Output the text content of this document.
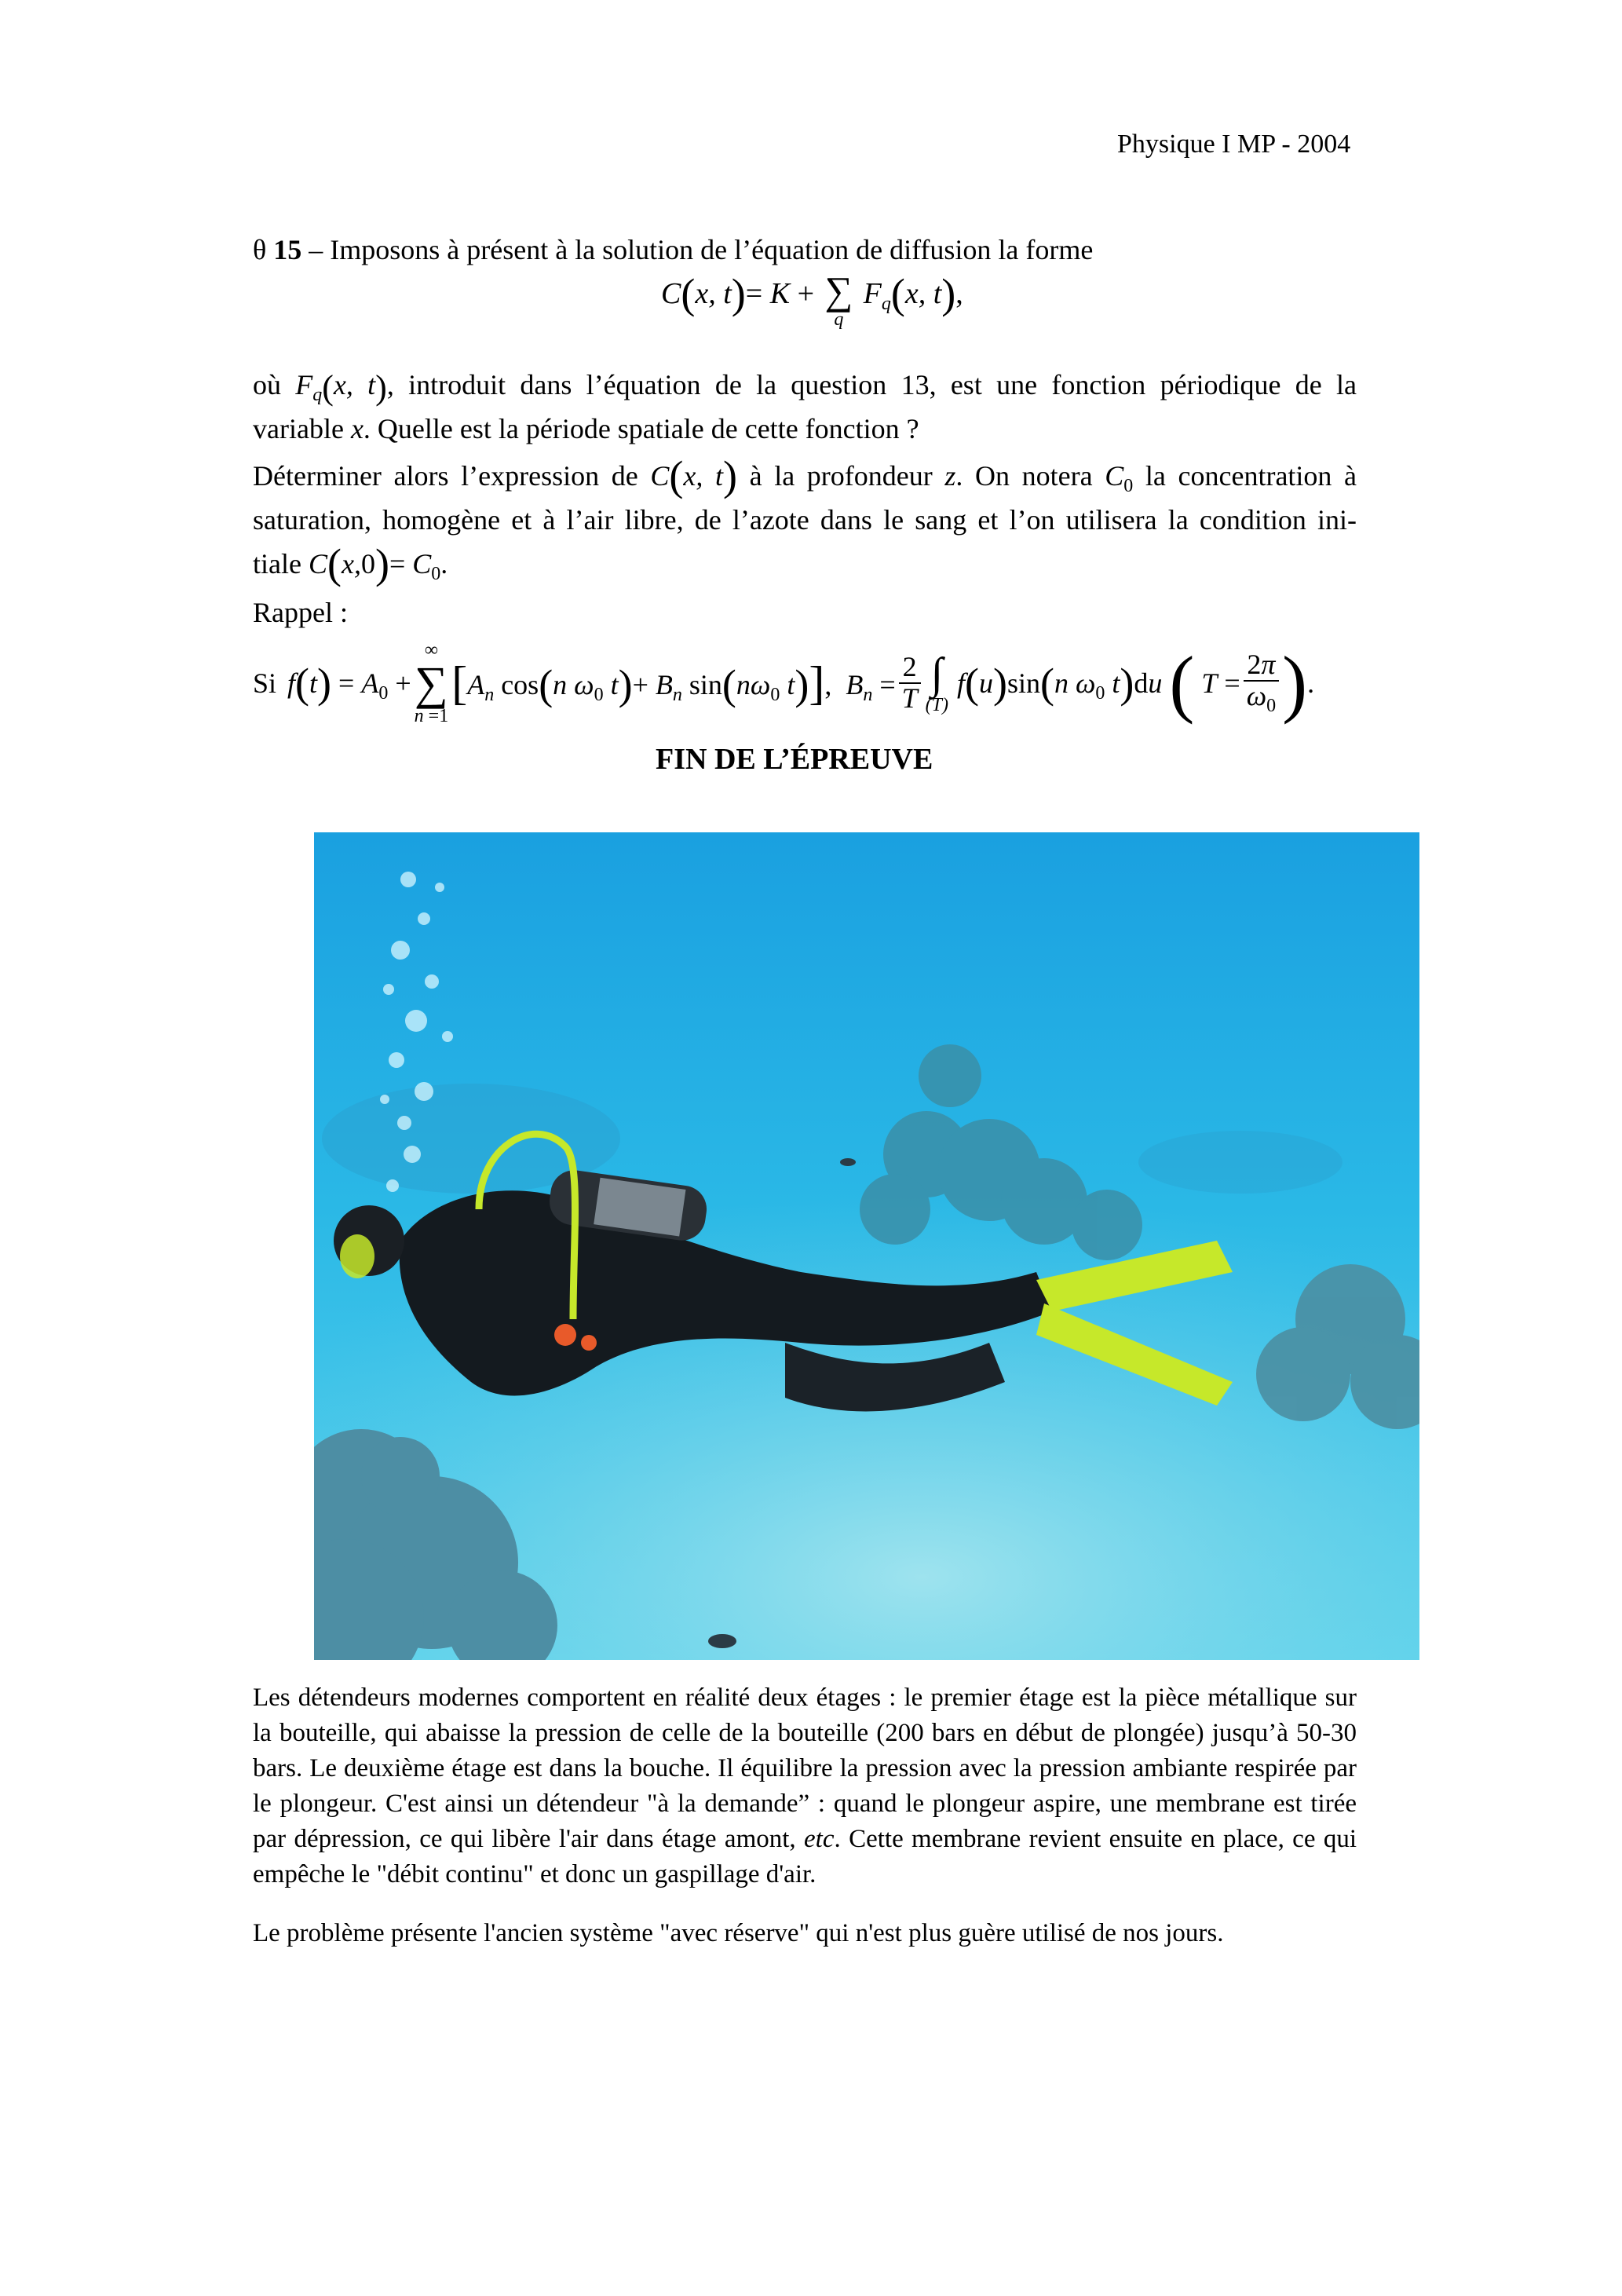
Physique I MP - 2004
θ 15 – Imposons à présent à la solution de l’équation de diffusion la forme
C(x, t)= K + ∑
q
$F_q(x$, t),
où $F_q(x$, t), introduit dans l’équation de la question 13, est une fonction périodique de la
variable x. Quelle est la période spatiale de cette fonction ?
Déterminer alors l’expression de C(x, t) à la profondeur z. On notera $C_0$ la concentration à
saturation, homogène et à l’air libre, de l’azote dans le sang et l’on utilisera la condition ini-
tiale $C(x,0)= C_0$.
Rappel :
Si $f(t) = A_0$ +
∞
∑
n =1
[$A_n$ cos(n $\omega_0$ $t)+ B_n$ $\sin(n\omega_0$ t)],  $B_n = \frac{2}{T}$ ∫
(T)
f(u)sin(n $\omega_0$ t)du ( $T = \frac{2\pi}{\omega_0}$ ) .
FIN DE L’ÉPREUVE
Les détendeurs modernes comportent en réalité deux étages : le premier étage est la pièce métallique sur la bouteille, qui abaisse la pression de celle de la bouteille (200 bars en début de plongée) jusqu’à 50-30 bars. Le deuxième étage est dans la bouche. Il équilibre la pression avec la pression ambiante respirée par le plongeur. C'est ainsi un détendeur "à la demande” : quand le plongeur aspire, une membrane est tirée par dépression, ce qui libère l'air dans étage amont, etc. Cette membrane revient ensuite en place, ce qui empêche le "débit continu" et donc un gaspillage d'air.
Le problème présente l'ancien système "avec réserve" qui n'est plus guère utilisé de nos jours.
